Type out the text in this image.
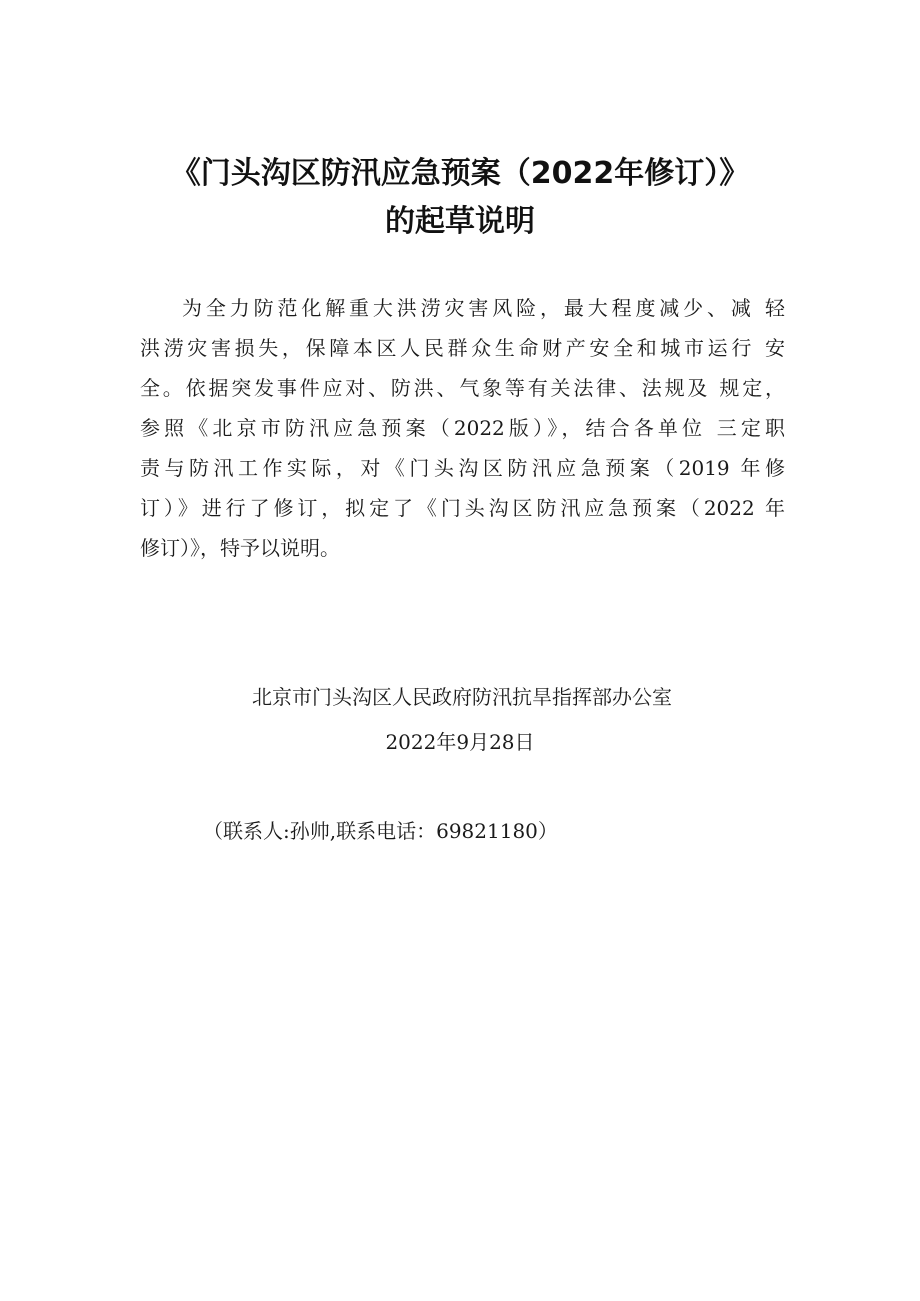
《门头沟区防汛应急预案（2022年修订）》
的起草说明
为全力防范化解重大洪涝灾害风险，最大程度减少、减 轻
洪涝灾害损失，保障本区人民群众生命财产安全和城市运行 安
全。依据突发事件应对、防洪、气象等有关法律、法规及 规定，
参照《北京市防汛应急预案（2022版）》，结合各单位 三定职
责与防汛工作实际，对《门头沟区防汛应急预案（2019 年修
订）》进行了修订，拟定了《门头沟区防汛应急预案（2022 年
修订）》，特予以说明。
北京市门头沟区人民政府防汛抗旱指挥部办公室
2022年9月28日
（联系人:孙帅,联系电话：69821180）
